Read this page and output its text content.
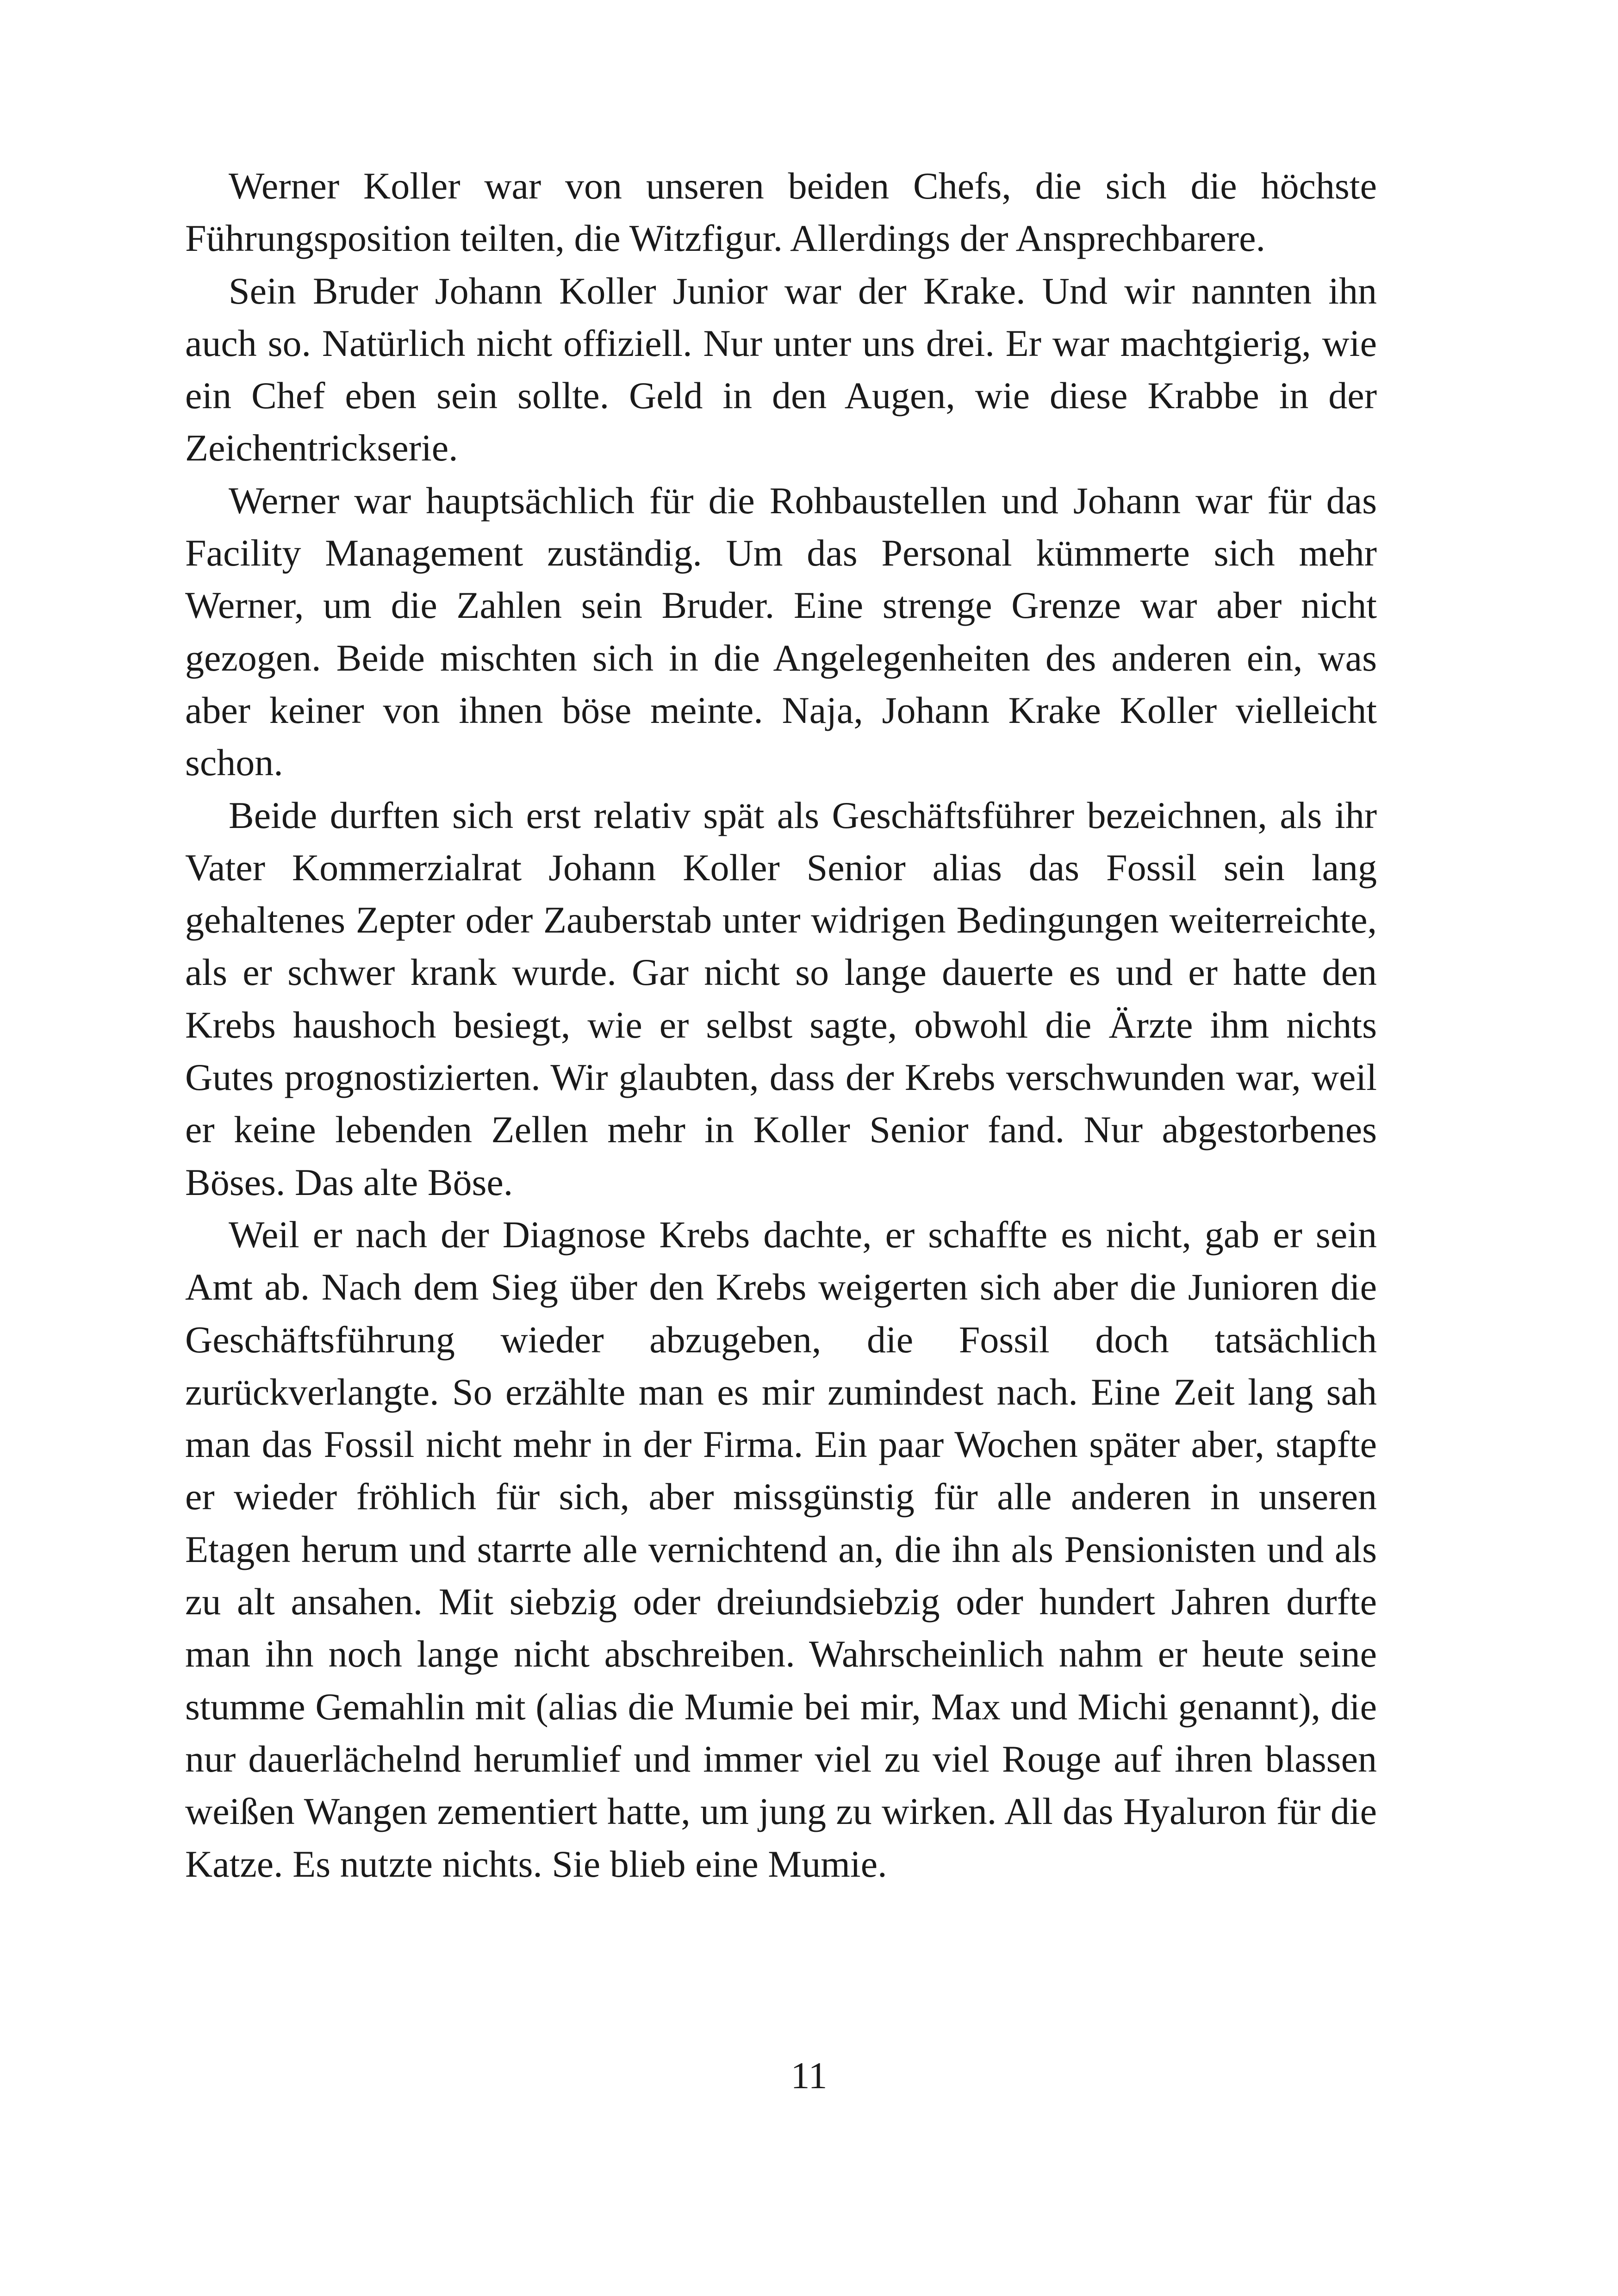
Werner Koller war von unseren beiden Chefs, die sich die höchste Führungsposition teilten, die Witzfigur. Allerdings der Ansprechbarere.

Sein Bruder Johann Koller Junior war der Krake. Und wir nannten ihn auch so. Natürlich nicht offiziell. Nur unter uns drei. Er war machtgierig, wie ein Chef eben sein sollte. Geld in den Augen, wie diese Krabbe in der Zeichentrickserie.

Werner war hauptsächlich für die Rohbaustellen und Johann war für das Facility Management zuständig. Um das Personal kümmerte sich mehr Werner, um die Zahlen sein Bruder. Eine strenge Grenze war aber nicht gezogen. Beide mischten sich in die Angelegenheiten des anderen ein, was aber keiner von ihnen böse meinte. Naja, Johann Krake Koller vielleicht schon.

Beide durften sich erst relativ spät als Geschäftsführer bezeichnen, als ihr Vater Kommerzialrat Johann Koller Senior alias das Fossil sein lang gehaltenes Zepter oder Zauberstab unter widrigen Bedingungen weiterreichte, als er schwer krank wurde. Gar nicht so lange dauerte es und er hatte den Krebs haushoch besiegt, wie er selbst sagte, obwohl die Ärzte ihm nichts Gutes prognostizierten. Wir glaubten, dass der Krebs verschwunden war, weil er keine lebenden Zellen mehr in Koller Senior fand. Nur abgestorbenes Böses. Das alte Böse.

Weil er nach der Diagnose Krebs dachte, er schaffte es nicht, gab er sein Amt ab. Nach dem Sieg über den Krebs weigerten sich aber die Junioren die Geschäftsführung wieder abzugeben, die Fossil doch tatsächlich zurückverlangte. So erzählte man es mir zumindest nach. Eine Zeit lang sah man das Fossil nicht mehr in der Firma. Ein paar Wochen später aber, stapfte er wieder fröhlich für sich, aber missgünstig für alle anderen in unseren Etagen herum und starrte alle vernichtend an, die ihn als Pensionisten und als zu alt ansahen. Mit siebzig oder dreiundsiebzig oder hundert Jahren durfte man ihn noch lange nicht abschreiben. Wahrscheinlich nahm er heute seine stumme Gemahlin mit (alias die Mumie bei mir, Max und Michi genannt), die nur dauerlächelnd herumlief und immer viel zu viel Rouge auf ihren blassen weißen Wangen zementiert hatte, um jung zu wirken. All das Hyaluron für die Katze. Es nutzte nichts. Sie blieb eine Mumie.

11
